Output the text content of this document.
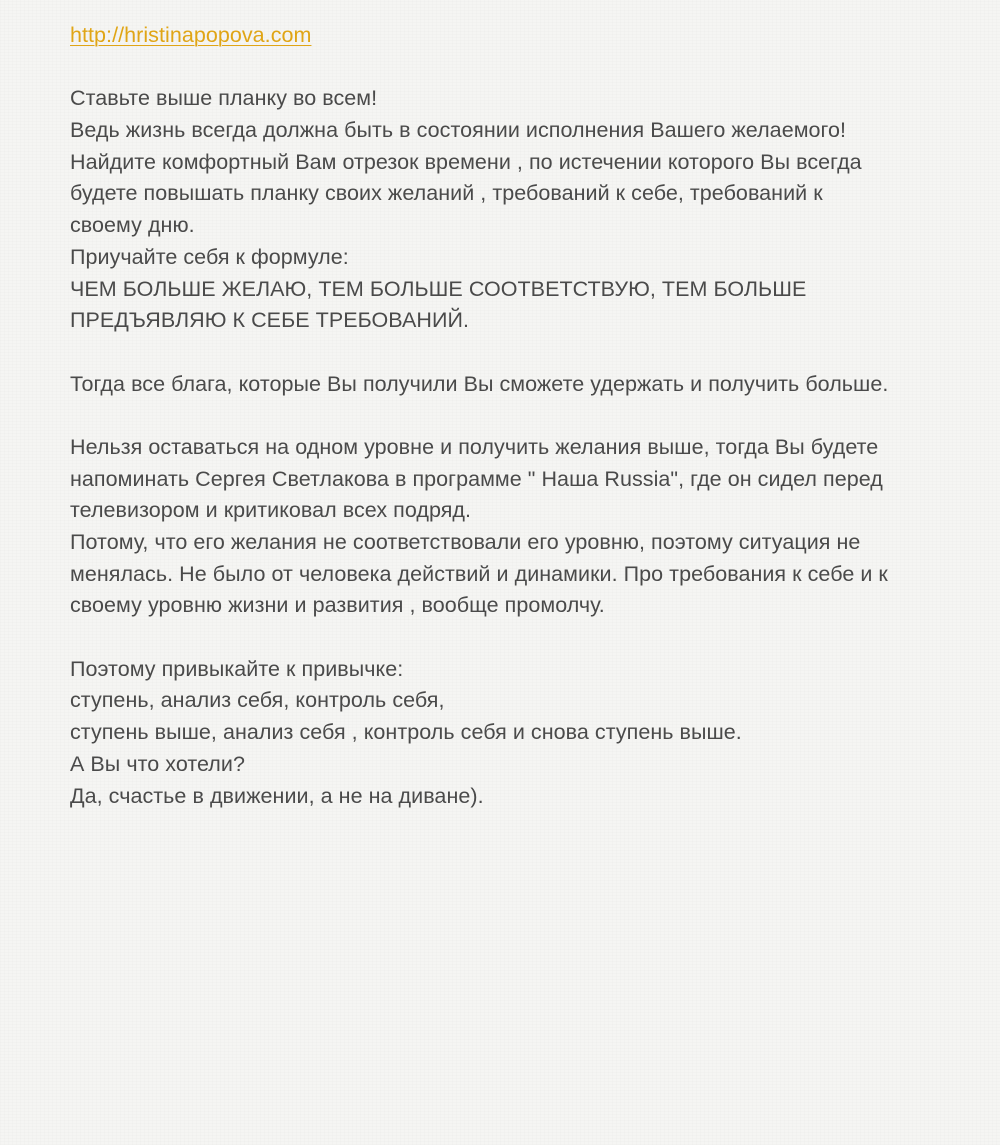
http://hristinapopova.com
Ставьте выше планку во всем!
Ведь жизнь всегда должна быть в состоянии исполнения Вашего желаемого!
Найдите комфортный Вам отрезок времени , по истечении которого Вы всегда
будете повышать планку своих желаний , требований к себе, требований к
своему дню.
Приучайте себя к формуле:
ЧЕМ БОЛЬШЕ ЖЕЛАЮ, ТЕМ БОЛЬШЕ СООТВЕТСТВУЮ, ТЕМ БОЛЬШЕ
ПРЕДЪЯВЛЯЮ К СЕБЕ ТРЕБОВАНИЙ.
Тогда все блага, которые Вы получили Вы сможете удержать и получить больше.
Нельзя оставаться на одном уровне и получить желания выше, тогда Вы будете
напоминать Сергея Светлакова в программе " Наша Russia", где он сидел перед
телевизором и критиковал всех подряд.
Потому, что его желания не соответствовали его уровню, поэтому ситуация не
менялась. Не было от человека действий и динамики. Про требования к себе и к
своему уровню жизни и развития , вообще промолчу.
Поэтому привыкайте к привычке:
ступень, анализ себя, контроль себя,
ступень выше, анализ себя , контроль себя и снова ступень выше.
А Вы что хотели?
Да, счастье в движении, а не на диване).
